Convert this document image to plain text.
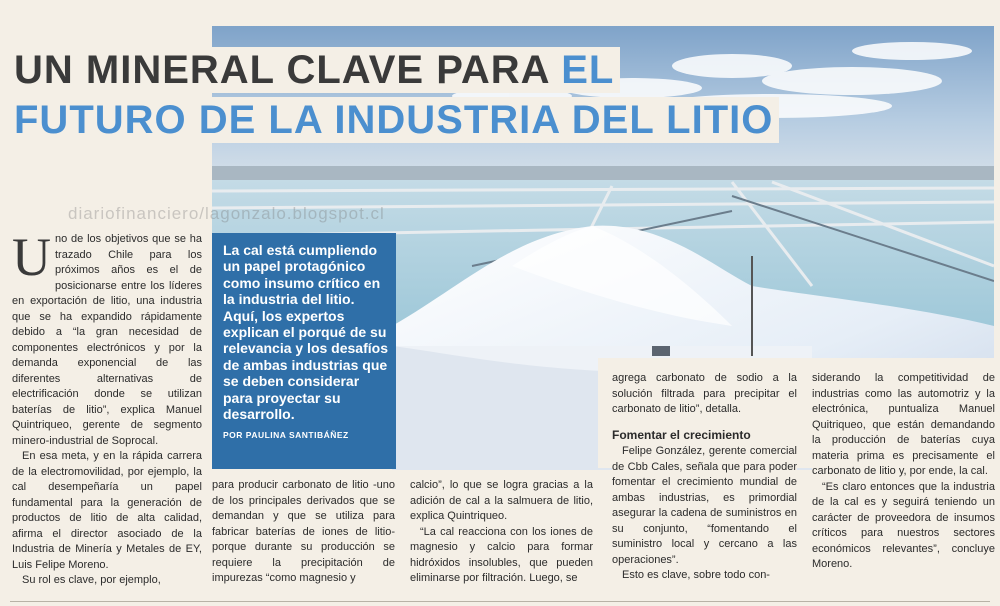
UN MINERAL CLAVE PARA EL
FUTURO DE LA INDUSTRIA DEL LITIO
diariofinanciero/lagonzalo.blogspot.cl
La cal está cumpliendo un papel protagónico como insumo crítico en la industria del litio. Aquí, los expertos explican el porqué de su relevancia y los desafíos de ambas industrias que se deben considerar para proyectar su desarrollo.
POR PAULINA SANTIBÁÑEZ
U no de los objetivos que se ha trazado Chile para los próximos años es el de posicionarse entre los líderes en exportación de litio, una industria que se ha expandido rápidamente debido a “la gran necesidad de componentes electrónicos y por la demanda exponencial de las diferentes alternativas de electrificación donde se utilizan baterías de litio”, explica Manuel Quintriqueo, gerente de segmento minero-industrial de Soprocal.

En esa meta, y en la rápida carrera de la electromovilidad, por ejemplo, la cal desempeñaría un papel fundamental para la generación de productos de litio de alta calidad, afirma el director asociado de la Industria de Minería y Metales de EY, Luis Felipe Moreno.

Su rol es clave, por ejemplo,

para producir carbonato de litio -uno de los principales derivados que se demandan y que se utiliza para fabricar baterías de iones de litio- porque durante su producción se requiere la precipitación de impurezas “como magnesio y

calcio”, lo que se logra gracias a la adición de cal a la salmuera de litio, explica Quintriqueo.

“La cal reacciona con los iones de magnesio y calcio para formar hidróxidos insolubles, que pueden eliminarse por filtración. Luego, se

agrega carbonato de sodio a la solución filtrada para precipitar el carbonato de litio”, detalla.

Fomentar el crecimiento

Felipe González, gerente comercial de Cbb Cales, señala que para poder fomentar el crecimiento mundial de ambas industrias, es primordial asegurar la cadena de suministros en su conjunto, “fomentando el suministro local y cercano a las operaciones”.

Esto es clave, sobre todo con-

siderando la competitividad de industrias como las automotriz y la electrónica, puntualiza Manuel Quitriqueo, que están demandando la producción de baterías cuya materia prima es precisamente el carbonato de litio y, por ende, la cal.

“Es claro entonces que la industria de la cal es y seguirá teniendo un carácter de proveedora de insumos críticos para nuestros sectores económicos relevantes”, concluye Moreno.
